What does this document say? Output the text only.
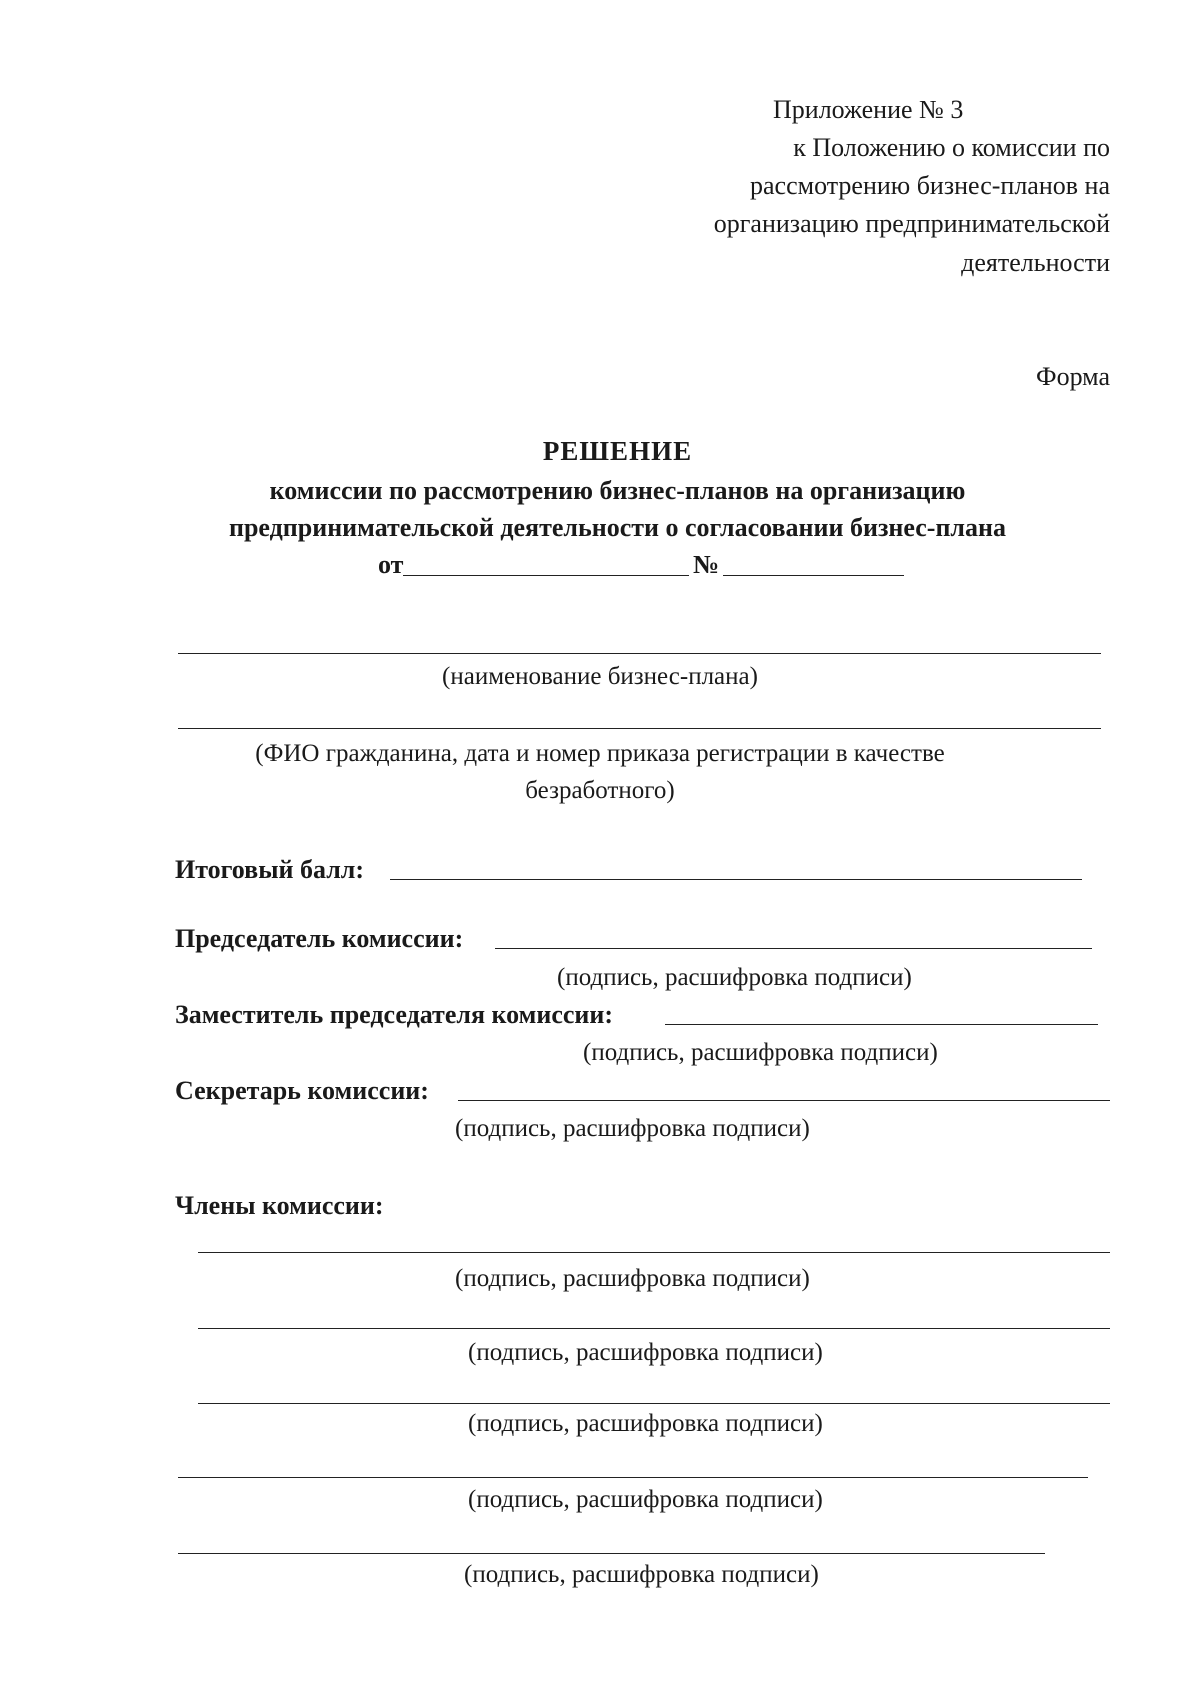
Приложение № 3
к Положению о комиссии по
рассмотрению бизнес-планов на
организацию предпринимательской
деятельности
Форма
РЕШЕНИЕ
комиссии по рассмотрению бизнес-планов на организацию
предпринимательской деятельности о согласовании бизнес-плана
от	№
(наименование бизнес-плана)
(ФИО гражданина, дата и номер приказа регистрации в качестве
безработного)
Итоговый балл:
Председатель комиссии:
(подпись, расшифровка подписи)
Заместитель председателя комиссии:
(подпись, расшифровка подписи)
Секретарь комиссии:
(подпись, расшифровка подписи)
Члены комиссии:
(подпись, расшифровка подписи)
(подпись, расшифровка подписи)
(подпись, расшифровка подписи)
(подпись, расшифровка подписи)
(подпись, расшифровка подписи)
